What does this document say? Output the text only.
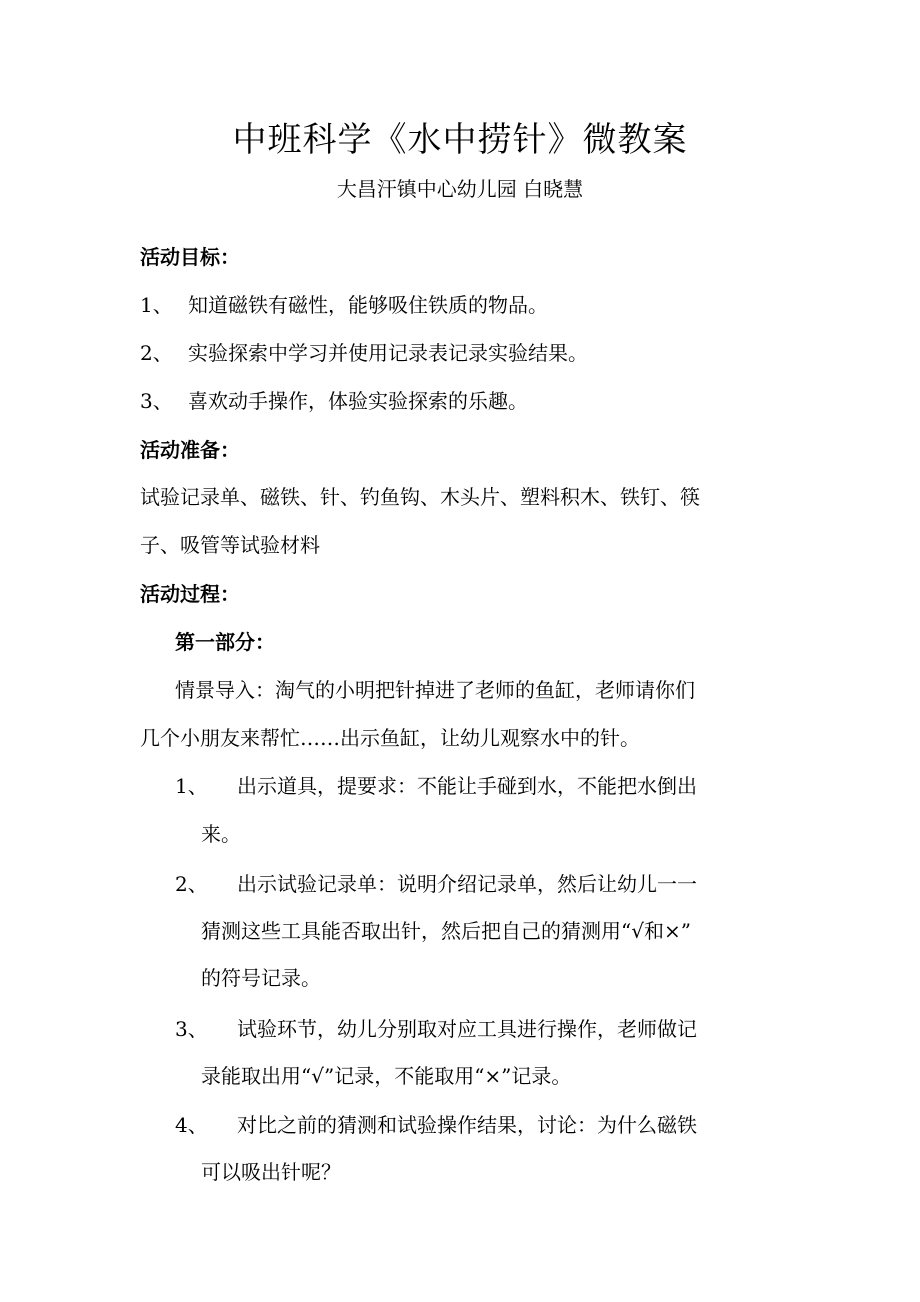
中班科学《水中捞针》微教案
大昌汗镇中心幼儿园 白晓慧
活动目标：
1、 知道磁铁有磁性，能够吸住铁质的物品。
2、 实验探索中学习并使用记录表记录实验结果。
3、 喜欢动手操作，体验实验探索的乐趣。
活动准备：
试验记录单、磁铁、针、钓鱼钩、木头片、塑料积木、铁钉、筷
子、吸管等试验材料
活动过程：
第一部分：
情景导入：淘气的小明把针掉进了老师的鱼缸，老师请你们
几个小朋友来帮忙……出示鱼缸，让幼儿观察水中的针。
1、 出示道具，提要求：不能让手碰到水，不能把水倒出
来。
2、 出示试验记录单：说明介绍记录单，然后让幼儿一一
猜测这些工具能否取出针，然后把自己的猜测用“√和×”
的符号记录。
3、 试验环节，幼儿分别取对应工具进行操作，老师做记
录能取出用“√”记录，不能取用“×”记录。
4、 对比之前的猜测和试验操作结果，讨论：为什么磁铁
可以吸出针呢？
